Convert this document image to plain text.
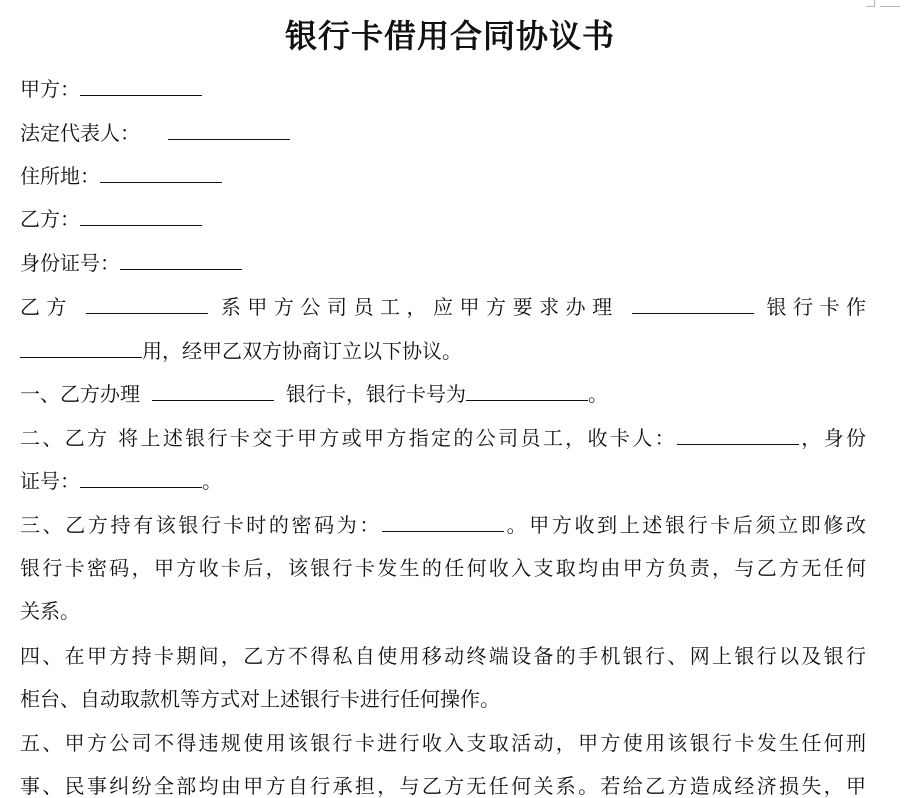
银行卡借用合同协议书
甲方：
法定代表人：
住所地：
乙方：
身份证号：
乙方	系甲方公司员工，应甲方要求办理	银行卡作
用，经甲乙双方协商订立以下协议。
一、乙方办理	银行卡，银行卡号为	。
二、乙方 将上述银行卡交于甲方或甲方指定的公司员工，收卡人：	，身份
证号：	。
三、乙方持有该银行卡时的密码为：	。甲方收到上述银行卡后须立即修改
银行卡密码，甲方收卡后，该银行卡发生的任何收入支取均由甲方负责，与乙方无任何
关系。
四、在甲方持卡期间，乙方不得私自使用移动终端设备的手机银行、网上银行以及银行
柜台、自动取款机等方式对上述银行卡进行任何操作。
五、甲方公司不得违规使用该银行卡进行收入支取活动，甲方使用该银行卡发生任何刑
事、民事纠纷全部均由甲方自行承担，与乙方无任何关系。若给乙方造成经济损失，甲
